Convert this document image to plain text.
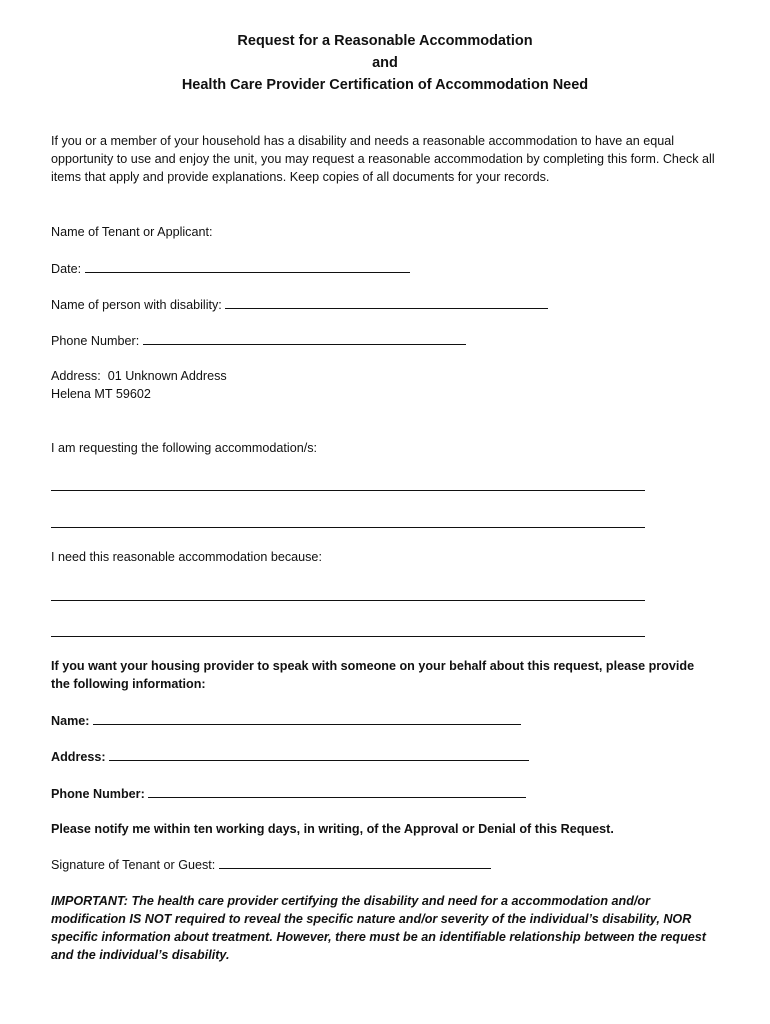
Request for a Reasonable Accommodation
and
Health Care Provider Certification of Accommodation Need
If you or a member of your household has a disability and needs a reasonable accommodation to have an equal opportunity to use and enjoy the unit, you may request a reasonable accommodation by completing this form. Check all items that apply and provide explanations. Keep copies of all documents for your records.
Name of Tenant or Applicant:
Date:
Name of person with disability:
Phone Number:
Address: 01 Unknown Address
Helena MT 59602
I am requesting the following accommodation/s:
I need this reasonable accommodation because:
If you want your housing provider to speak with someone on your behalf about this request, please provide the following information:
Name:
Address:
Phone Number:
Please notify me within ten working days, in writing, of the Approval or Denial of this Request.
Signature of Tenant or Guest:
IMPORTANT: The health care provider certifying the disability and need for a accommodation and/or modification IS NOT required to reveal the specific nature and/or severity of the individual’s disability, NOR specific information about treatment. However, there must be an identifiable relationship between the request and the individual’s disability.
